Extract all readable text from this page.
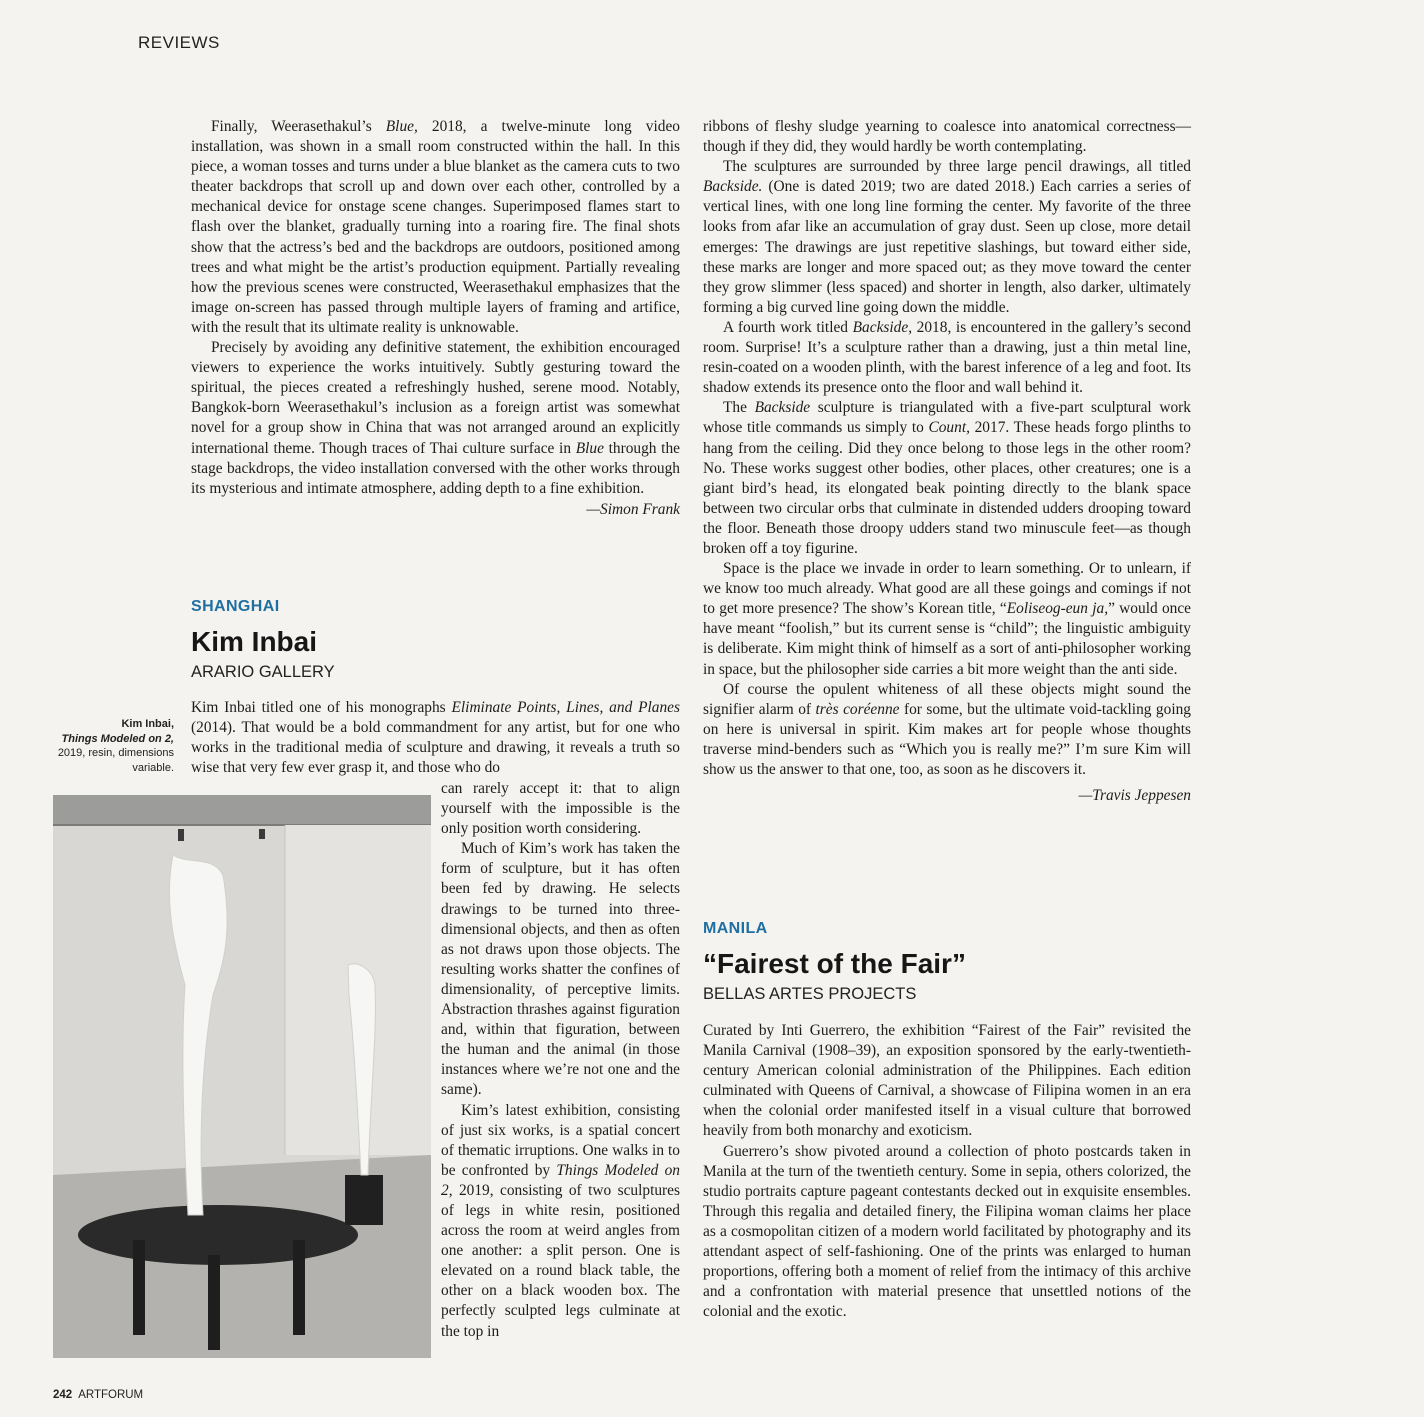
REVIEWS

Finally, Weerasethakul’s Blue, 2018, a twelve-minute long video installation, was shown in a small room constructed within the hall. In this piece, a woman tosses and turns under a blue blanket as the camera cuts to two theater backdrops that scroll up and down over each other, controlled by a mechanical device for onstage scene changes. Superimposed flames start to flash over the blanket, gradually turning into a roaring fire. The final shots show that the actress’s bed and the backdrops are outdoors, positioned among trees and what might be the artist’s production equipment. Partially revealing how the previous scenes were constructed, Weerasethakul emphasizes that the image on-screen has passed through multiple layers of framing and artifice, with the result that its ultimate reality is unknowable.

Precisely by avoiding any definitive statement, the exhibition encouraged viewers to experience the works intuitively. Subtly gesturing toward the spiritual, the pieces created a refreshingly hushed, serene mood. Notably, Bangkok-born Weerasethakul’s inclusion as a foreign artist was somewhat novel for a group show in China that was not arranged around an explicitly international theme. Though traces of Thai culture surface in Blue through the stage backdrops, the video installation conversed with the other works through its mysterious and intimate atmosphere, adding depth to a fine exhibition.

—Simon Frank
SHANGHAI
Kim Inbai
ARARIO GALLERY
Kim Inbai,
Things Modeled on 2, 2019, resin, dimensions variable.

Kim Inbai titled one of his monographs Eliminate Points, Lines, and Planes (2014). That would be a bold commandment for any artist, but for one who works in the traditional media of sculpture and drawing, it reveals a truth so wise that very few ever grasp it, and those who do

can rarely accept it: that to align yourself with the impossible is the only position worth considering.

Much of Kim’s work has taken the form of sculpture, but it has often been fed by drawing. He selects drawings to be turned into three-dimensional objects, and then as often as not draws upon those objects. The resulting works shatter the confines of dimensionality, of perceptive limits. Abstraction thrashes against figuration and, within that figuration, between the human and the animal (in those instances where we’re not one and the same).

Kim’s latest exhibition, consisting of just six works, is a spatial concert of thematic irruptions. One walks in to be confronted by Things Modeled on 2, 2019, consisting of two sculptures of legs in white resin, positioned across the room at weird angles from one another: a split person. One is elevated on a round black table, the other on a black wooden box. The perfectly sculpted legs culminate at the top in

ribbons of fleshy sludge yearning to coalesce into anatomical correctness—though if they did, they would hardly be worth contemplating.

The sculptures are surrounded by three large pencil drawings, all titled Backside. (One is dated 2019; two are dated 2018.) Each carries a series of vertical lines, with one long line forming the center. My favorite of the three looks from afar like an accumulation of gray dust. Seen up close, more detail emerges: The drawings are just repetitive slashings, but toward either side, these marks are longer and more spaced out; as they move toward the center they grow slimmer (less spaced) and shorter in length, also darker, ultimately forming a big curved line going down the middle.

A fourth work titled Backside, 2018, is encountered in the gallery’s second room. Surprise! It’s a sculpture rather than a drawing, just a thin metal line, resin-coated on a wooden plinth, with the barest inference of a leg and foot. Its shadow extends its presence onto the floor and wall behind it.

The Backside sculpture is triangulated with a five-part sculptural work whose title commands us simply to Count, 2017. These heads forgo plinths to hang from the ceiling. Did they once belong to those legs in the other room? No. These works suggest other bodies, other places, other creatures; one is a giant bird’s head, its elongated beak pointing directly to the blank space between two circular orbs that culminate in distended udders drooping toward the floor. Beneath those droopy udders stand two minuscule feet—as though broken off a toy figurine.

Space is the place we invade in order to learn something. Or to unlearn, if we know too much already. What good are all these goings and comings if not to get more presence? The show’s Korean title, “Eoliseog-eun ja,” would once have meant “foolish,” but its current sense is “child”; the linguistic ambiguity is deliberate. Kim might think of himself as a sort of anti-philosopher working in space, but the philosopher side carries a bit more weight than the anti side.

Of course the opulent whiteness of all these objects might sound the signifier alarm of très coréenne for some, but the ultimate void-tackling going on here is universal in spirit. Kim makes art for people whose thoughts traverse mind-benders such as “Which you is really me?” I’m sure Kim will show us the answer to that one, too, as soon as he discovers it.

—Travis Jeppesen
MANILA
“Fairest of the Fair”
BELLAS ARTES PROJECTS

Curated by Inti Guerrero, the exhibition “Fairest of the Fair” revisited the Manila Carnival (1908–39), an exposition sponsored by the early-twentieth-century American colonial administration of the Philippines. Each edition culminated with Queens of Carnival, a showcase of Filipina women in an era when the colonial order manifested itself in a visual culture that borrowed heavily from both monarchy and exoticism.

Guerrero’s show pivoted around a collection of photo postcards taken in Manila at the turn of the twentieth century. Some in sepia, others colorized, the studio portraits capture pageant contestants decked out in exquisite ensembles. Through this regalia and detailed finery, the Filipina woman claims her place as a cosmopolitan citizen of a modern world facilitated by photography and its attendant aspect of self-fashioning. One of the prints was enlarged to human proportions, offering both a moment of relief from the intimacy of this archive and a confrontation with material presence that unsettled notions of the colonial and the exotic.

242 ARTFORUM
